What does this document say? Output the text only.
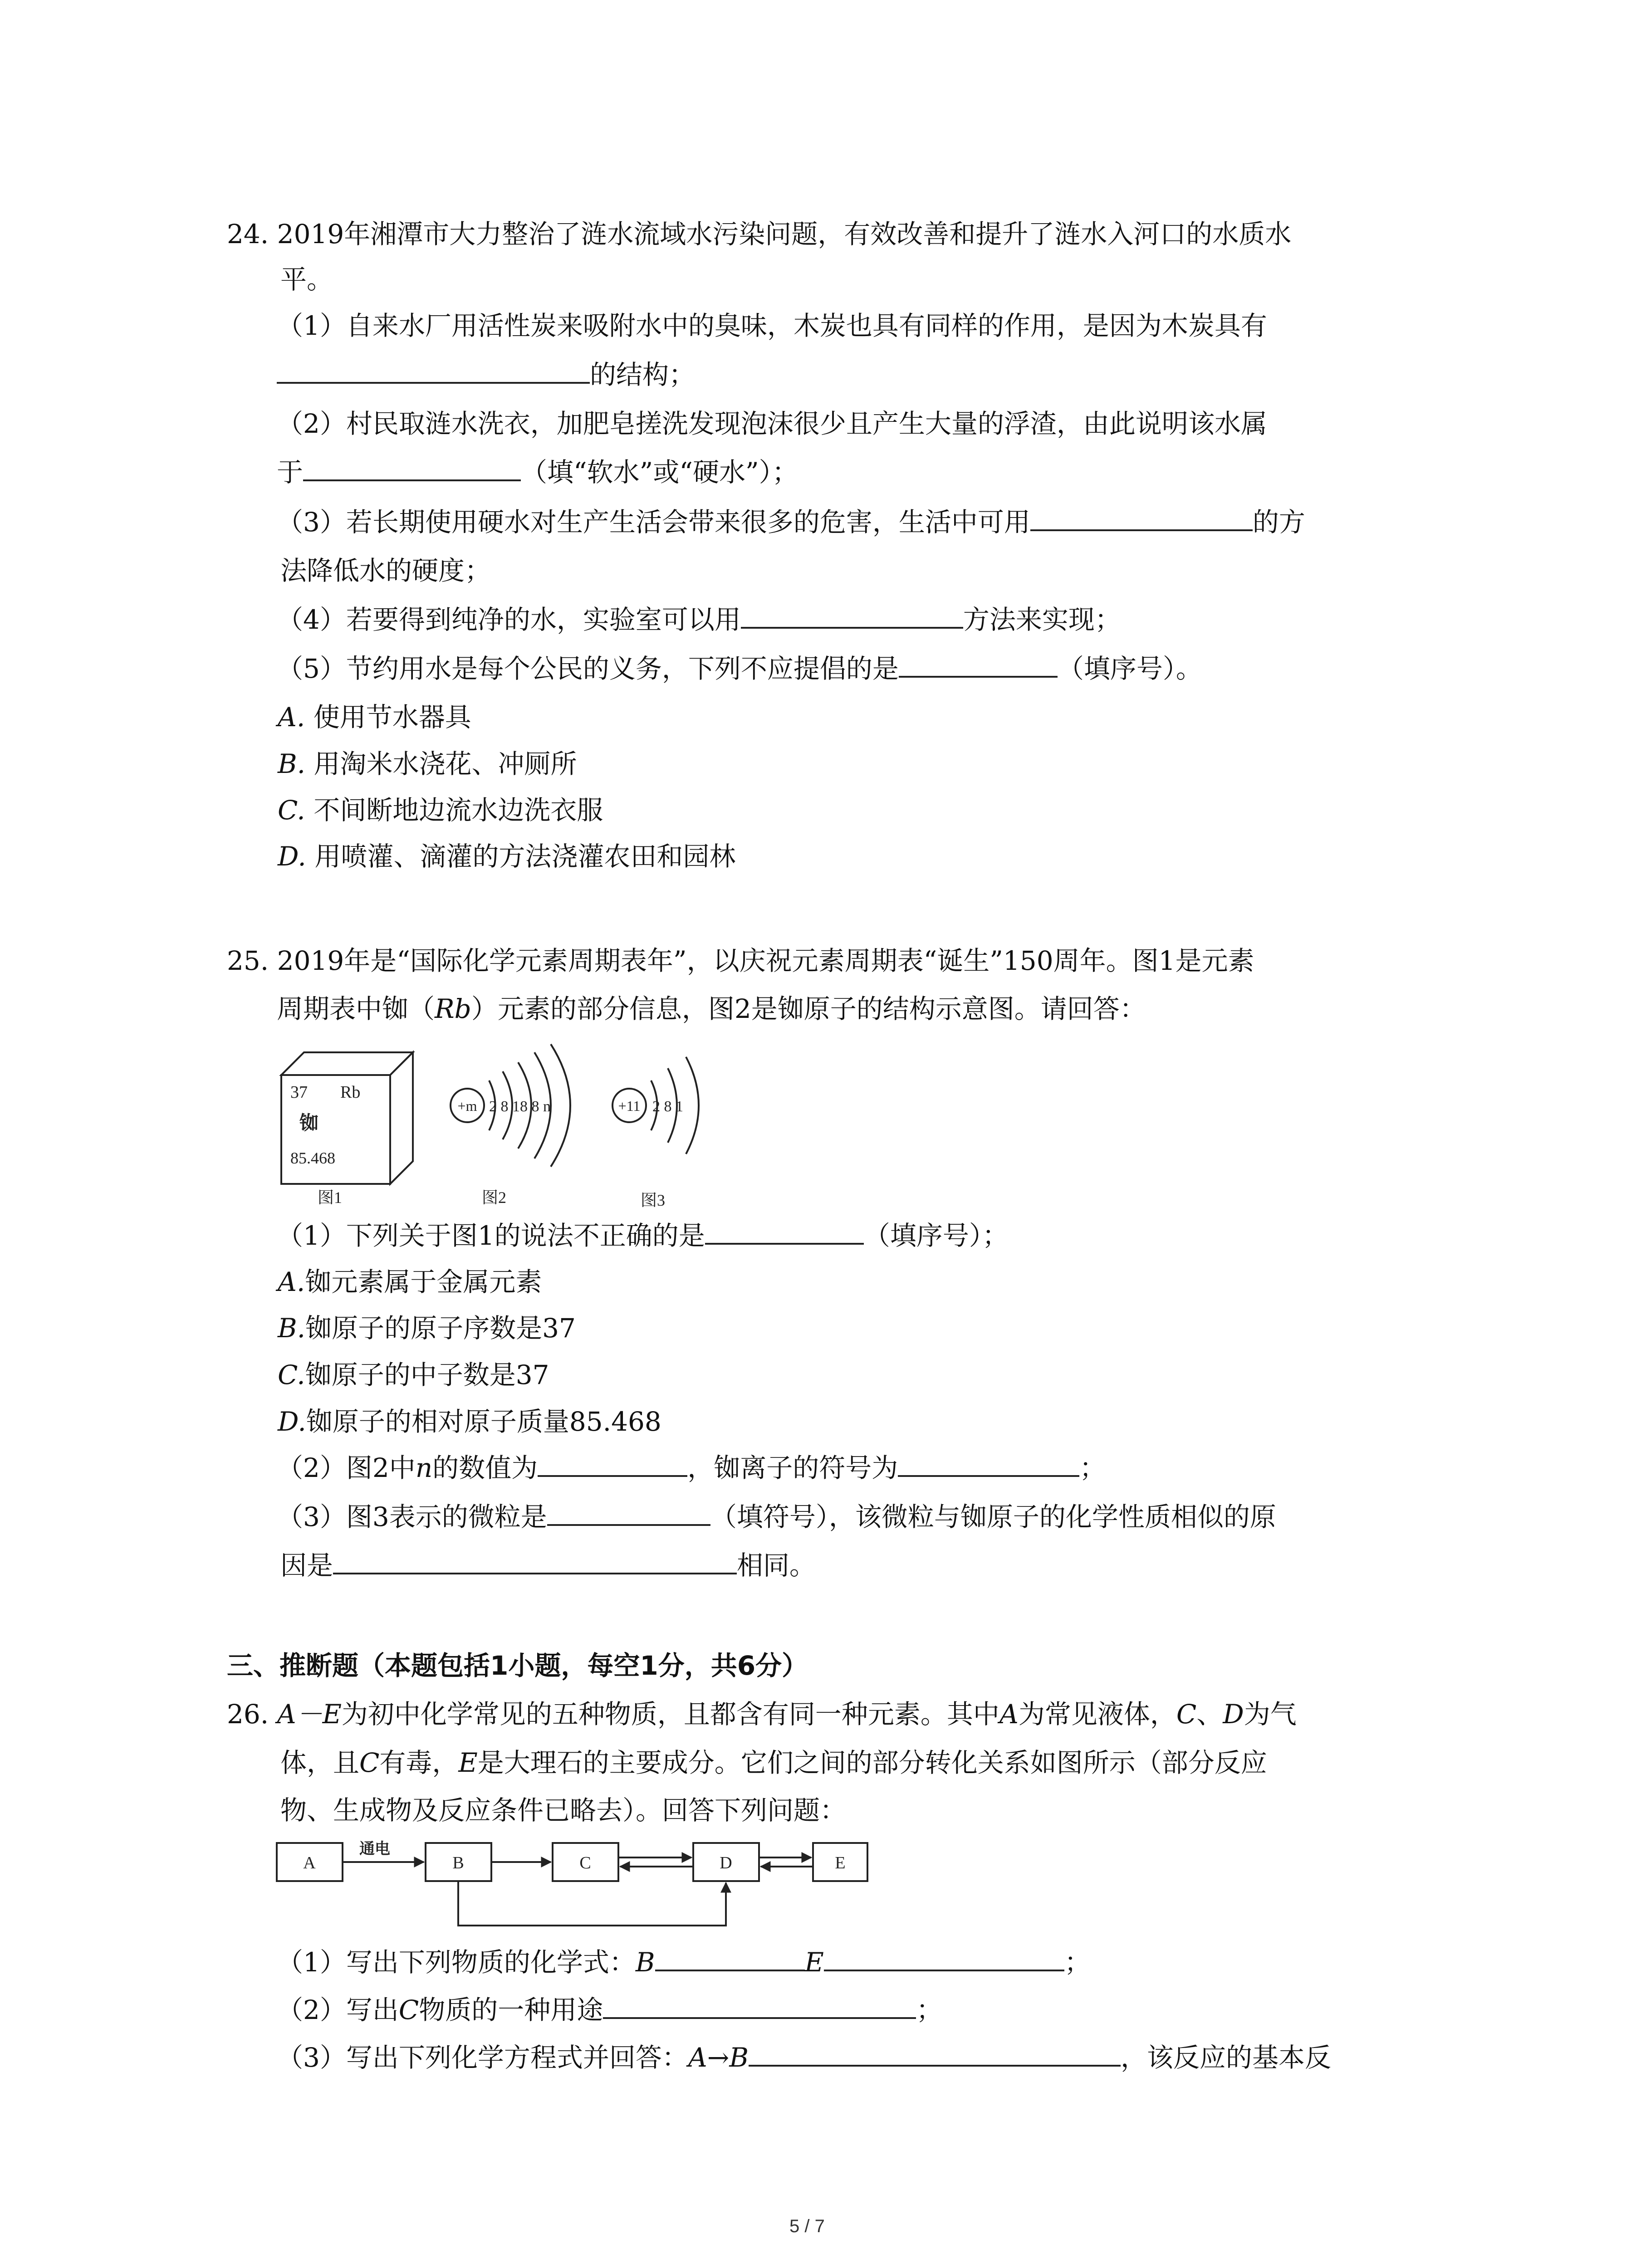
24. 2019年湘潭市大力整治了涟水流域水污染问题，有效改善和提升了涟水入河口的水质水
平。
（1）自来水厂用活性炭来吸附水中的臭味，木炭也具有同样的作用，是因为木炭具有
的结构；
（2）村民取涟水洗衣，加肥皂搓洗发现泡沫很少且产生大量的浮渣，由此说明该水属
于	（填“软水”或“硬水”）；
（3）若长期使用硬水对生产生活会带来很多的危害，生活中可用	的方
法降低水的硬度；
（4）若要得到纯净的水，实验室可以用	方法来实现；
（5）节约用水是每个公民的义务，下列不应提倡的是	（填序号）。
A. 使用节水器具
B. 用淘米水浇花、冲厕所
C. 不间断地边流水边洗衣服
D. 用喷灌、滴灌的方法浇灌农田和园林
25. 2019年是“国际化学元素周期表年”，以庆祝元素周期表“诞生”150周年。图1是元素
周期表中铷（Rb）元素的部分信息，图2是铷原子的结构示意图。请回答：
37 Rb
铷
85.468
+m 2 8 18 8 n	+11 2 8 1
图1	图2	图3
（1）下列关于图1的说法不正确的是	（填序号）；
A.铷元素属于金属元素
B.铷原子的原子序数是37
C.铷原子的中子数是37
D.铷原子的相对原子质量85.468
（2）图2中n的数值为	，铷离子的符号为	；
（3）图3表示的微粒是	（填符号），该微粒与铷原子的化学性质相似的原
因是	相同。
三、推断题（本题包括1小题，每空1分，共6分）
26. A－E为初中化学常见的五种物质，且都含有同一种元素。其中A为常见液体，C、D为气
体，且C有毒，E是大理石的主要成分。它们之间的部分转化关系如图所示（部分反应
物、生成物及反应条件已略去）。回答下列问题：
A	B	C	D	E
通电
（1）写出下列物质的化学式：B	E	；
（2）写出C物质的一种用途	；
（3）写出下列化学方程式并回答：A→B	，该反应的基本反
5 / 7
